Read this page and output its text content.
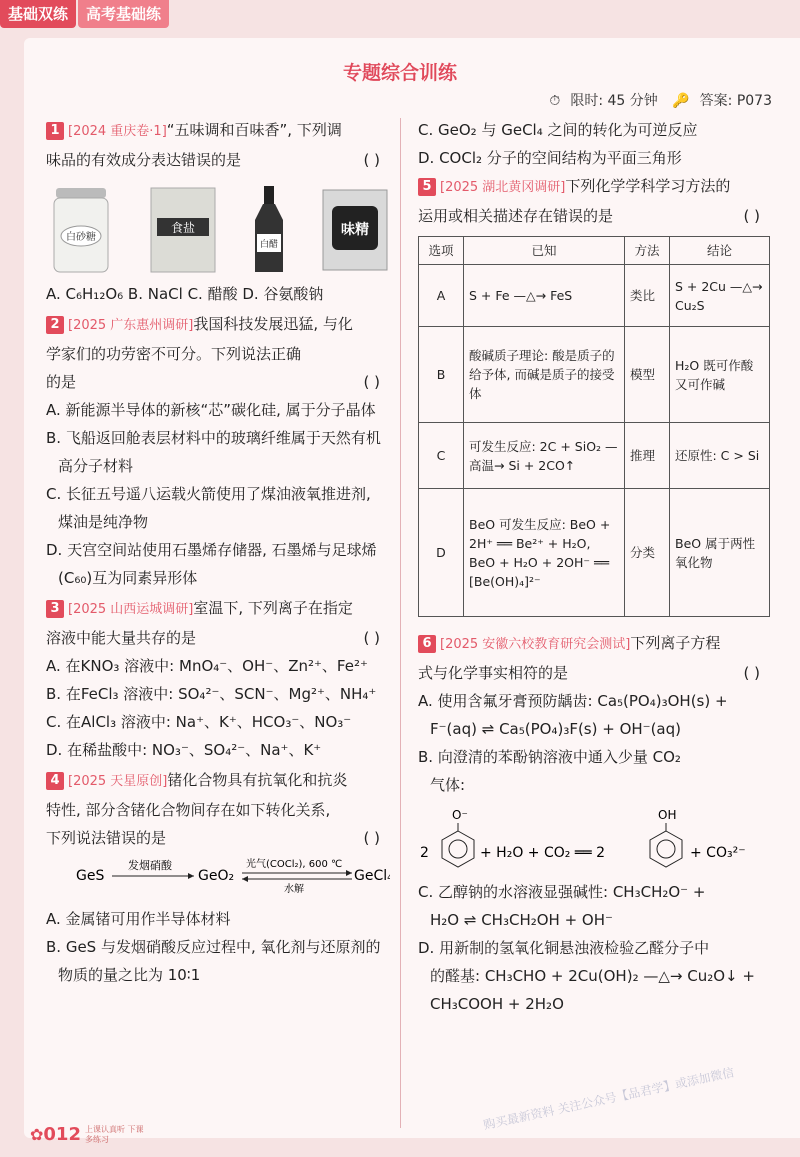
基础双练	高考基础练
专题综合训练
⏱ 限时: 45 分钟 🔑 答案: P073
1 [2024 重庆卷·1]“五味调和百味香”, 下列调
味品的有效成分表达错误的是	( )
白砂糖
食盐
白醋
味精
A. C₆H₁₂O₆ B. NaCl C. 醋酸 D. 谷氨酸钠
2 [2025 广东惠州调研]我国科技发展迅猛, 与化
学家们的功劳密不可分。下列说法正确
的是	( )
A. 新能源半导体的新核“芯”碳化硅, 属于分子晶体
B. 飞船返回舱表层材料中的玻璃纤维属于天然有机高分子材料
C. 长征五号遥八运载火箭使用了煤油液氧推进剂, 煤油是纯净物
D. 天宫空间站使用石墨烯存储器, 石墨烯与足球烯(C₆₀)互为同素异形体
3 [2025 山西运城调研]室温下, 下列离子在指定
溶液中能大量共存的是	( )
A. 在KNO₃ 溶液中: MnO₄⁻、OH⁻、Zn²⁺、Fe²⁺
B. 在FeCl₃ 溶液中: SO₄²⁻、SCN⁻、Mg²⁺、NH₄⁺
C. 在AlCl₃ 溶液中: Na⁺、K⁺、HCO₃⁻、NO₃⁻
D. 在稀盐酸中: NO₃⁻、SO₄²⁻、Na⁺、K⁺
4 [2025 天星原创]锗化合物具有抗氧化和抗炎
特性, 部分含锗化合物间存在如下转化关系,
下列说法错误的是	( )
GeS
发烟硝酸
GeO₂
光气(COCl₂), 600 ℃
水解
GeCl₄
A. 金属锗可用作半导体材料
B. GeS 与发烟硝酸反应过程中, 氧化剂与还原剂的物质的量之比为 10∶1
C. GeO₂ 与 GeCl₄ 之间的转化为可逆反应
D. COCl₂ 分子的空间结构为平面三角形
5 [2025 湖北黄冈调研]下列化学学科学习方法的
运用或相关描述存在错误的是	( )
选项	已知	方法	结论
A	S + Fe —△→ FeS	类比	S + 2Cu —△→ Cu₂S
B	酸碱质子理论: 酸是质子的给予体, 而碱是质子的接受体	模型	H₂O 既可作酸又可作碱
C	可发生反应: 2C + SiO₂ —高温→ Si + 2CO↑	推理	还原性: C > Si
D	BeO 可发生反应: BeO + 2H⁺ ══ Be²⁺ + H₂O, BeO + H₂O + 2OH⁻ ══ [Be(OH)₄]²⁻	分类	BeO 属于两性氧化物
6 [2025 安徽六校教育研究会测试]下列离子方程
式与化学事实相符的是	( )
A. 使用含氟牙膏预防龋齿: Ca₅(PO₄)₃OH(s) +
F⁻(aq) ⇌ Ca₅(PO₄)₃F(s) + OH⁻(aq)
B. 向澄清的苯酚钠溶液中通入少量 CO₂
气体:
O⁻
2	+ H₂O + CO₂ ══ 2
OH
+ CO₃²⁻
C. 乙醇钠的水溶液显强碱性: CH₃CH₂O⁻ +
H₂O ⇌ CH₃CH₂OH + OH⁻
D. 用新制的氢氧化铜悬浊液检验乙醛分子中
的醛基: CH₃CHO + 2Cu(OH)₂ —△→ Cu₂O↓ +
CH₃COOH + 2H₂O
购买最新资料 关注公众号【品君学】或添加微信
✿ 012 上课认真听 下课多练习
